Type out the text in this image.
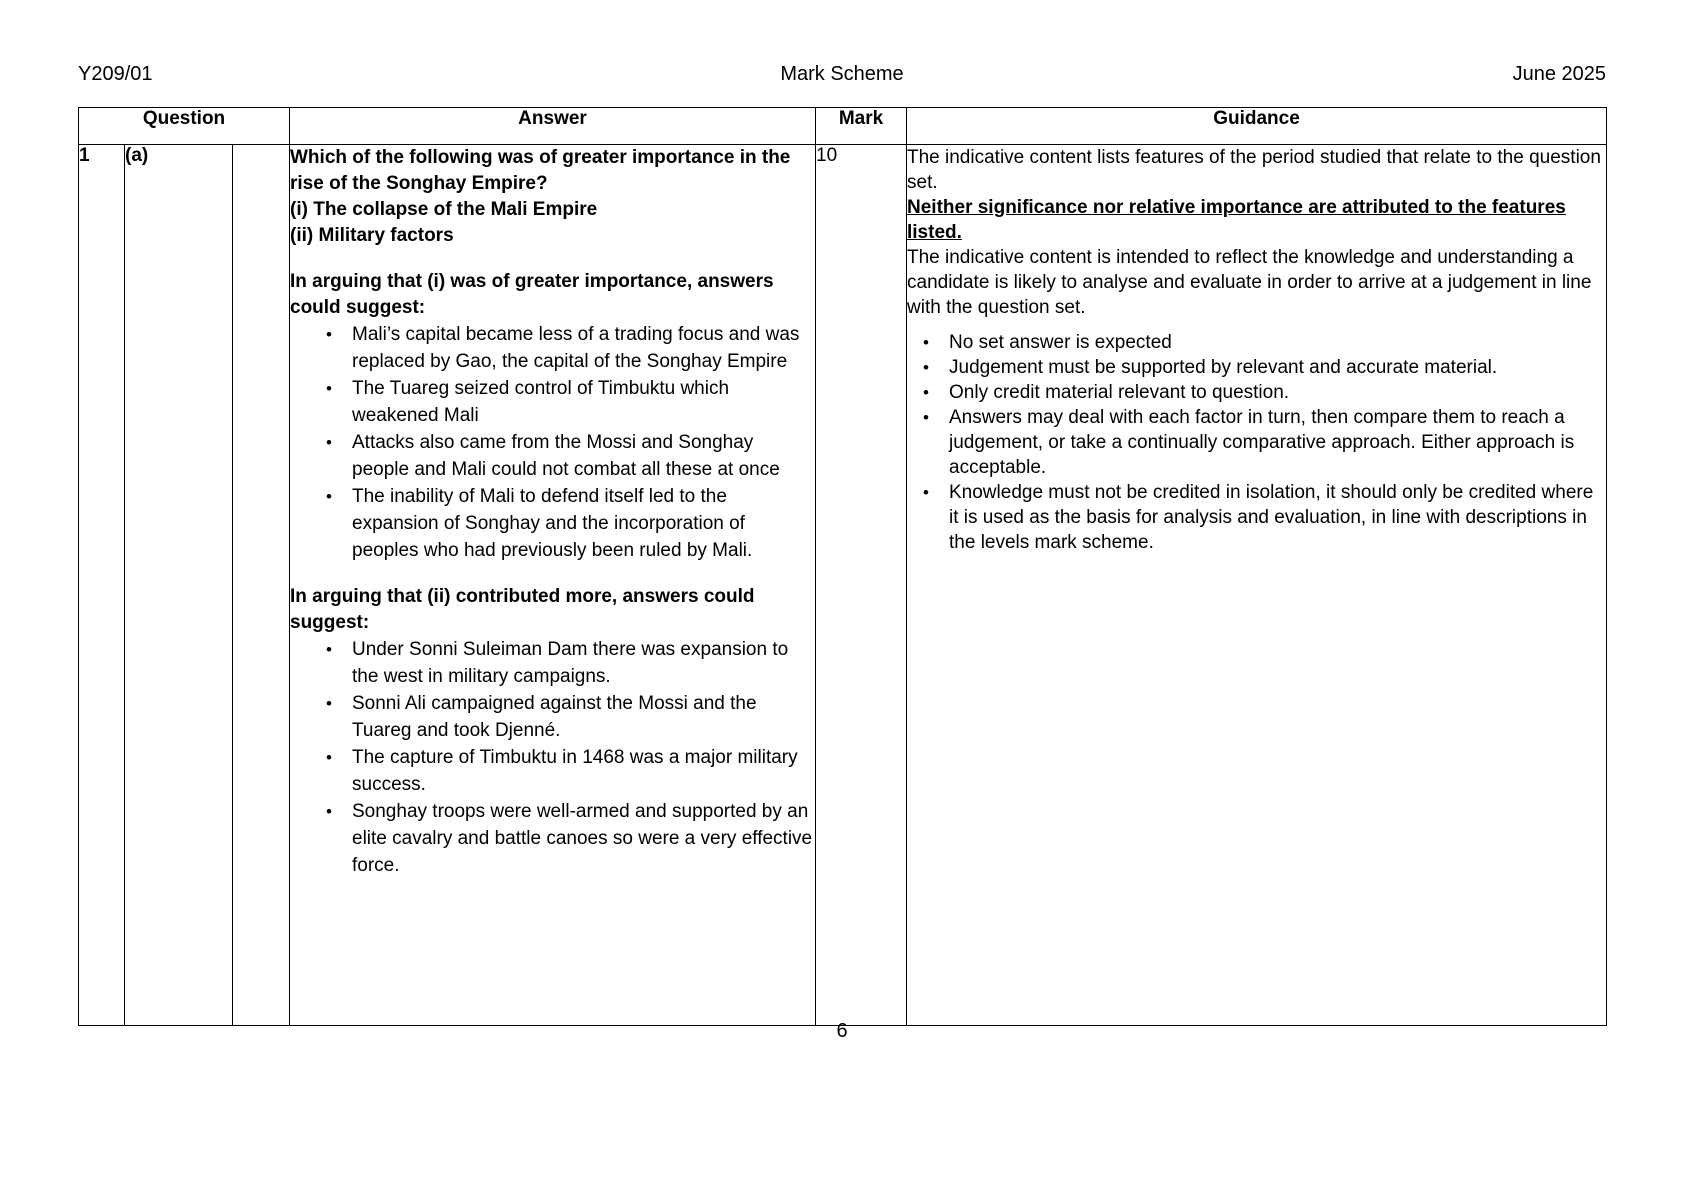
Y209/01	Mark Scheme	June 2025
Question			Answer	Mark	Guidance
1	(a)		Which of the following was of greater importance in the rise of the Songhay Empire?
(i) The collapse of the Mali Empire
(ii) Military factors
In arguing that (i) was of greater importance, answers could suggest:
• Mali’s capital became less of a trading focus and was replaced by Gao, the capital of the Songhay Empire
• The Tuareg seized control of Timbuktu which weakened Mali
• Attacks also came from the Mossi and Songhay people and Mali could not combat all these at once
• The inability of Mali to defend itself led to the expansion of Songhay and the incorporation of peoples who had previously been ruled by Mali.
In arguing that (ii) contributed more, answers could suggest:
• Under Sonni Suleiman Dam there was expansion to the west in military campaigns.
• Sonni Ali campaigned against the Mossi and the Tuareg and took Djenné.
• The capture of Timbuktu in 1468 was a major military success.
• Songhay troops were well-armed and supported by an elite cavalry and battle canoes so were a very effective force.
	10	The indicative content lists features of the period studied that relate to the question set.
Neither significance nor relative importance are attributed to the features listed.
The indicative content is intended to reflect the knowledge and understanding a candidate is likely to analyse and evaluate in order to arrive at a judgement in line with the question set.
• No set answer is expected
• Judgement must be supported by relevant and accurate material.
• Only credit material relevant to question.
• Answers may deal with each factor in turn, then compare them to reach a judgement, or take a continually comparative approach. Either approach is acceptable.
• Knowledge must not be credited in isolation, it should only be credited where it is used as the basis for analysis and evaluation, in line with descriptions in the levels mark scheme.
6
